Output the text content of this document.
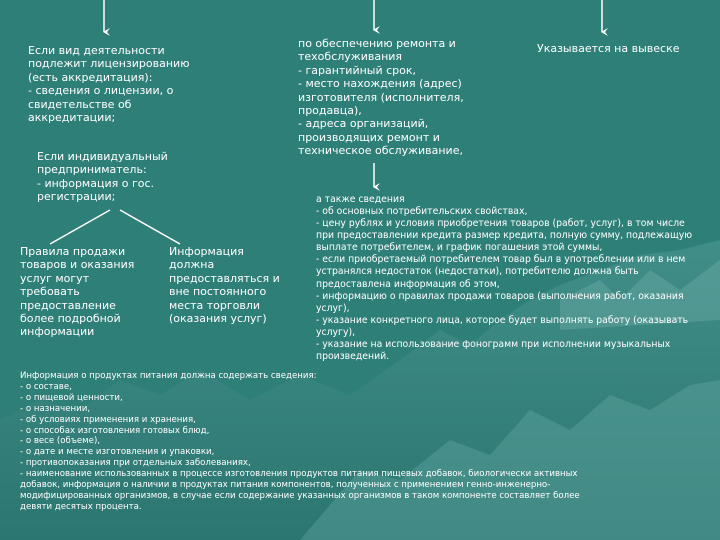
Если вид деятельности
подлежит лицензированию
(есть аккредитация):
- сведения о лицензии, о
свидетельстве об
аккредитации;
Если индивидуальный
предприниматель:
- информация о гос.
регистрации;
Правила продажи
товаров и оказания
услуг могут
требовать
предоставление
более подробной
информации
Информация
должна
предоставляться и
вне постоянного
места торговли
(оказания услуг)
по обеспечению ремонта и
техобслуживания
- гарантийный срок,
- место нахождения (адрес)
изготовителя (исполнителя,
продавца),
- адреса организаций,
производящих ремонт и
техническое обслуживание,
Указывается на вывеске
а также сведения
- об основных потребительских свойствах,
- цену рублях и условия приобретения товаров (работ, услуг), в том числе
при предоставлении кредита размер кредита, полную сумму, подлежащую
выплате потребителем, и график погашения этой суммы,
- если приобретаемый потребителем товар был в употреблении или в нем
устранялся недостаток (недостатки), потребителю должна быть
предоставлена информация об этом,
- информацию о правилах продажи товаров (выполнения работ, оказания
услуг),
- указание конкретного лица, которое будет выполнять работу (оказывать
услугу),
- указание на использование фонограмм при исполнении музыкальных
произведений.
Информация о продуктах питания должна содержать сведения:
- о составе,
- о пищевой ценности,
- о назначении,
- об условиях применения и хранения,
- о способах изготовления готовых блюд,
- о весе (объеме),
- о дате и месте изготовления и упаковки,
- противопоказания при отдельных заболеваниях,
- наименование использованных в процессе изготовления продуктов питания пищевых добавок, биологически активных
добавок, информация о наличии в продуктах питания компонентов, полученных с применением генно-инженерно-
модифицированных организмов, в случае если содержание указанных организмов в таком компоненте составляет более
девяти десятых процента.
